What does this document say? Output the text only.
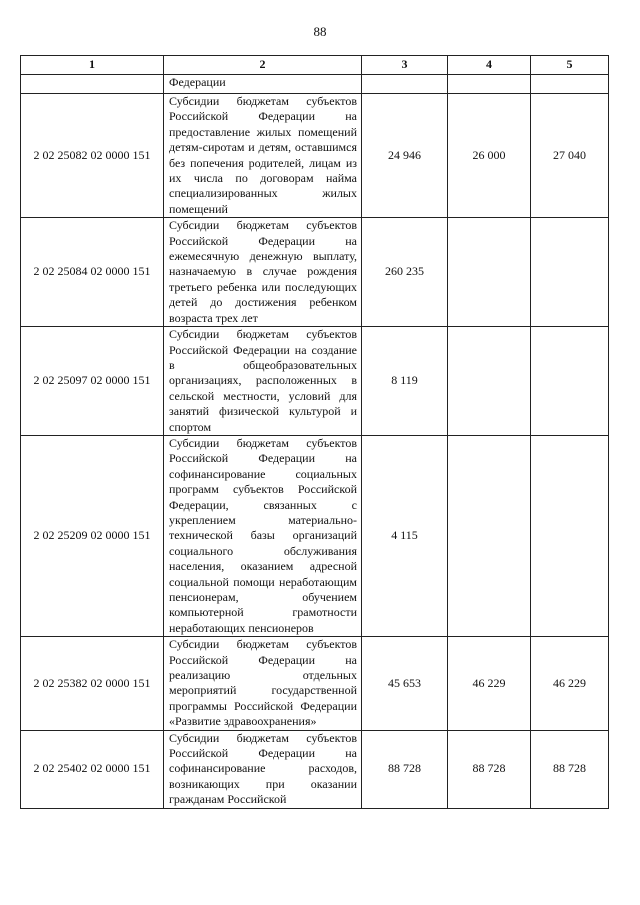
88
1	2	3	4	5
	Федерации			
2 02 25082 02 0000 151	Субсидии бюджетам субъектов Российской Федерации на предоставление жилых помещений детям-сиротам и детям, оставшимся без попечения родителей, лицам из их числа по договорам найма специализированных жилых помещений	24 946	26 000	27 040
2 02 25084 02 0000 151	Субсидии бюджетам субъектов Российской Федерации на ежемесячную денежную выплату, назначаемую в случае рождения третьего ребенка или последующих детей до достижения ребенком возраста трех лет	260 235		
2 02 25097 02 0000 151	Субсидии бюджетам субъектов Российской Федерации на создание в общеобразовательных организациях, расположенных в сельской местности, условий для занятий физической культурой и спортом	8 119		
2 02 25209 02 0000 151	Субсидии бюджетам субъектов Российской Федерации на софинансирование социальных программ субъектов Российской Федерации, связанных с укреплением материально-технической базы организаций социального обслуживания населения, оказанием адресной социальной помощи неработающим пенсионерам, обучением компьютерной грамотности неработающих пенсионеров	4 115		
2 02 25382 02 0000 151	Субсидии бюджетам субъектов Российской Федерации на реализацию отдельных мероприятий государственной программы Российской Федерации «Развитие здравоохранения»	45 653	46 229	46 229
2 02 25402 02 0000 151	Субсидии бюджетам субъектов Российской Федерации на софинансирование расходов, возникающих при оказании гражданам Российской	88 728	88 728	88 728
